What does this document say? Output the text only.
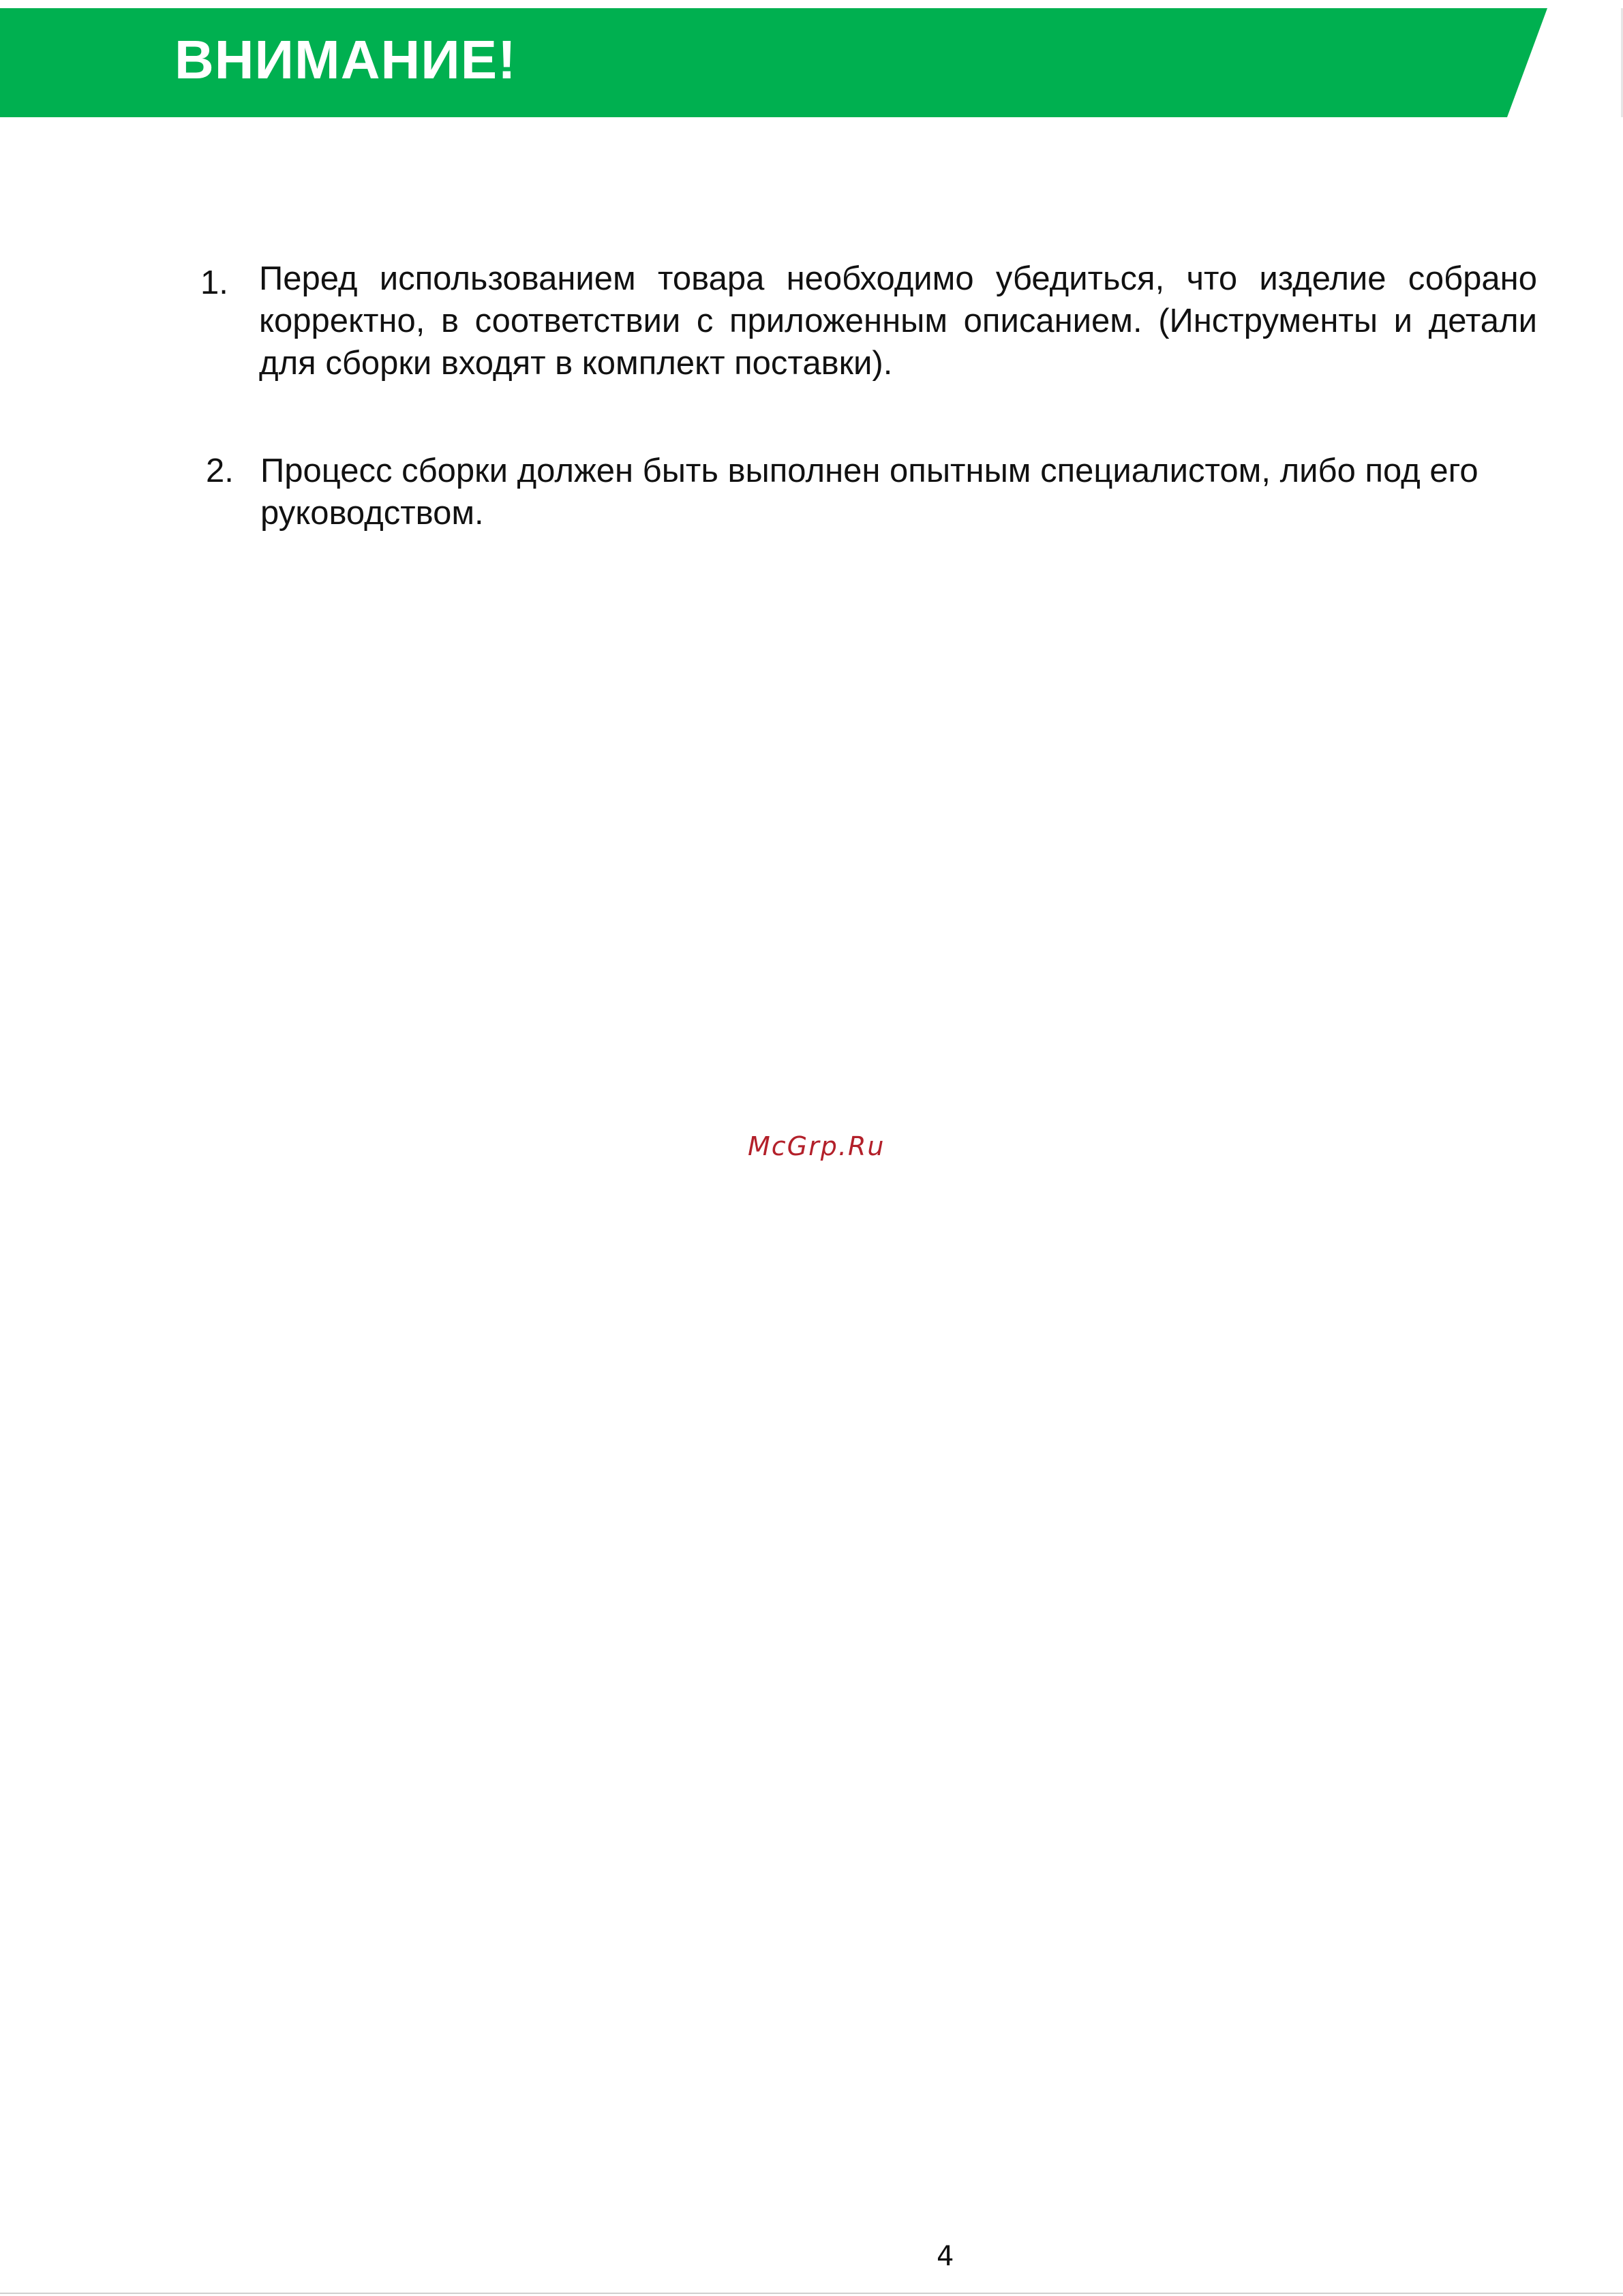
ВНИМАНИЕ!
1. Перед использованием товара необходимо убедиться, что изделие собрано корректно, в соответствии с приложенным описанием. (Инструменты и детали для сборки входят в комплект поставки).
2. Процесс сборки должен быть выполнен опытным специалистом, либо под его руководством.
McGrp.Ru
4
